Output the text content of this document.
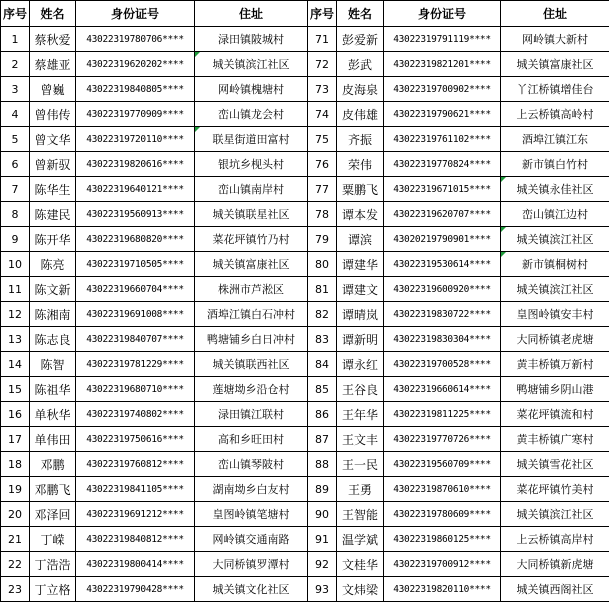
序号	姓名	身份证号	住址	序号	姓名	身份证号	住址
1	蔡秋爱	43022319780706****	渌田镇陂城村	71	彭爱新	43022319791119****	网岭镇大新村
2	蔡雄亚	43022319620202****	城关镇滨江社区	72	彭武	43022319821201****	城关镇富康社区
3	曾巍	43022319840805****	网岭镇槐塘村	73	皮海泉	43022319700902****	丫江桥镇增佳台
4	曾伟传	43022319770909****	峦山镇龙会村	74	皮伟雄	43022319790621****	上云桥镇高岭村
5	曾文华	43022319720110****	联星街道田富村	75	齐振	43022319761102****	酒埠江镇江东
6	曾新驭	43022319820616****	银坑乡枧头村	76	荣伟	43022319770824****	新市镇白竹村
7	陈华生	43022319640121****	峦山镇南岸村	77	粟鹏飞	43022319671015****	城关镇永佳社区
8	陈建民	43022319560913****	城关镇联星社区	78	谭本发	43022319620707****	峦山镇江边村
9	陈开华	43022319680820****	菜花坪镇竹乃村	79	谭滨	43020219790901****	城关镇滨江社区
10	陈亮	43022319710505****	城关镇富康社区	80	谭建华	43022319530614****	新市镇桐树村
11	陈文新	43022319660704****	株洲市芦淞区	81	谭建文	43022319600920****	城关镇滨江社区
12	陈湘南	43022319691008****	酒埠江镇白石冲村	82	谭晴岚	43022319830722****	皇图岭镇安丰村
13	陈志良	43022319840707****	鸭塘铺乡白日冲村	83	谭新明	43022319830304****	大同桥镇老虎塘
14	陈智	43022319781229****	城关镇联西社区	84	谭永红	43022319700528****	黄丰桥镇万新村
15	陈祖华	43022319680710****	莲塘坳乡沿仓村	85	王谷良	43022319660614****	鸭塘铺乡阴山港
16	单秋华	43022319740802****	渌田镇江联村	86	王年华	43022319811225****	菜花坪镇流和村
17	单伟田	43022319750616****	高和乡旺田村	87	王文丰	43022319770726****	黄丰桥镇广寒村
18	邓鹏	43022319760812****	峦山镇琴陂村	88	王一民	43022319560709****	城关镇雪花社区
19	邓鹏飞	43022319841105****	湖南坳乡白友村	89	王勇	43022319870610****	菜花坪镇竹美村
20	邓泽回	43022319691212****	皇图岭镇笔塘村	90	王智能	43022319780609****	城关镇滨江社区
21	丁嵘	43022319840812****	网岭镇交通南路	91	温学斌	43022319860125****	上云桥镇高岸村
22	丁浩浩	43022319800414****	大同桥镇罗潭村	92	文桂华	43022319700912****	大同桥镇新虎塘
23	丁立格	43022319790428****	城关镇文化社区	93	文炜梁	43022319820110****	城关镇西阁社区
